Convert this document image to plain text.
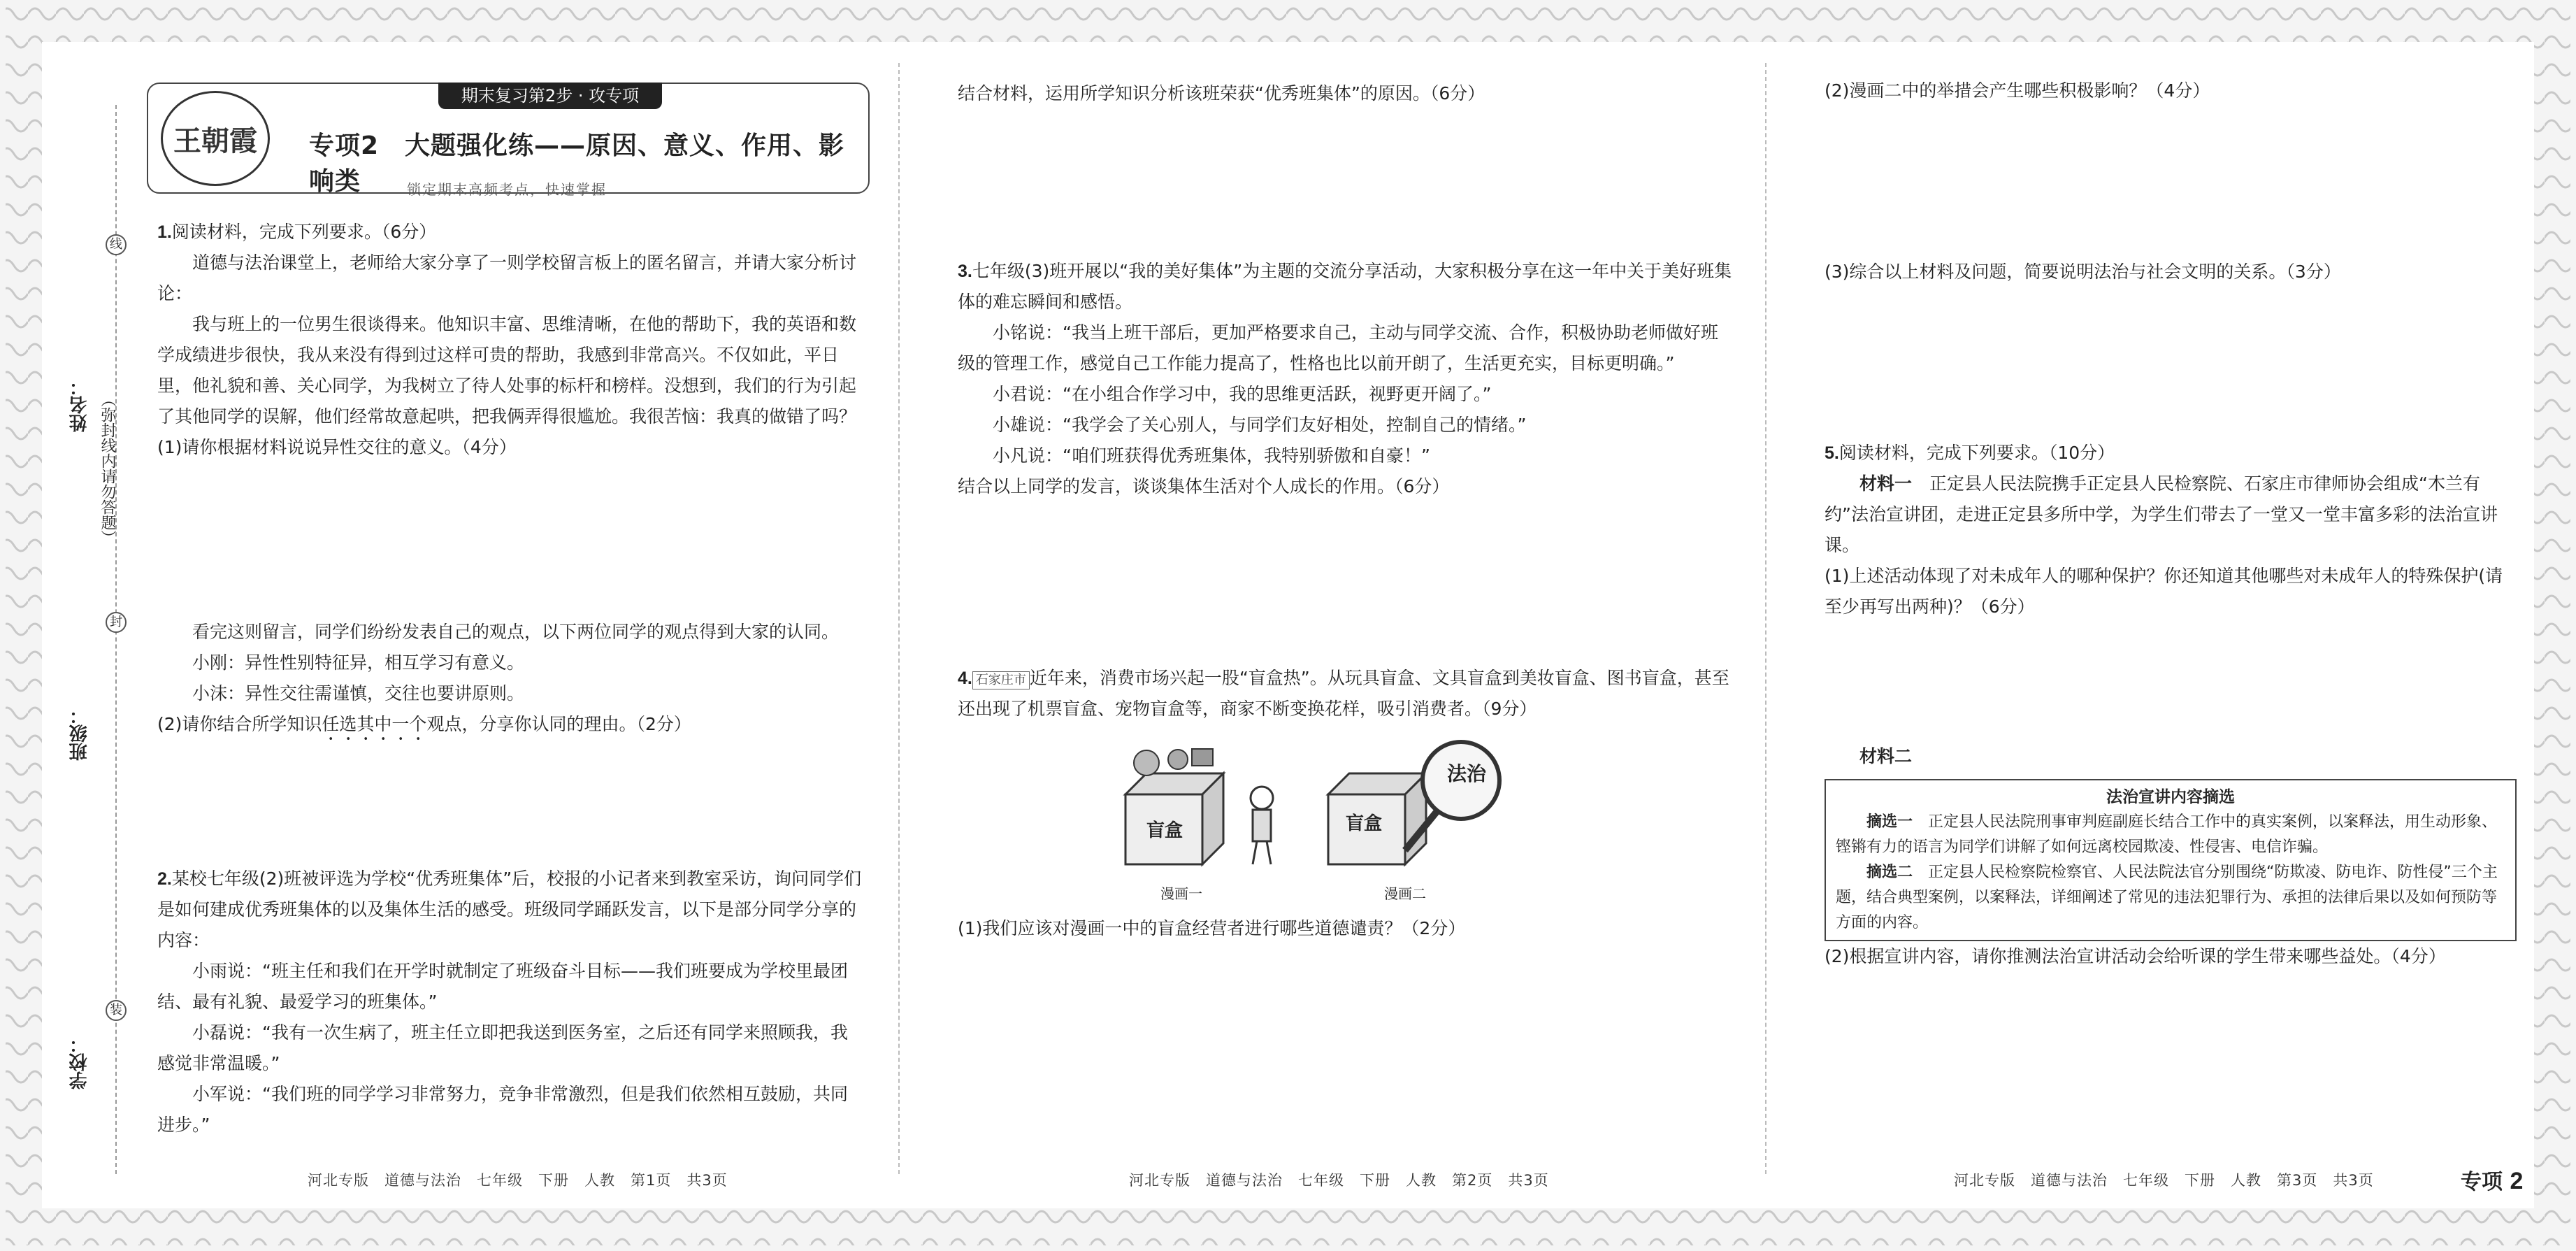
线
封
装
（弥封线内请勿答题）
姓名：
班级：
学校：
期末复习第2步 · 攻专项
王朝霞	专项2　大题强化练——原因、意义、作用、影响类	锁定期末高频考点，快速掌握

1.阅读材料，完成下列要求。（6分）

道德与法治课堂上，老师给大家分享了一则学校留言板上的匿名留言，并请大家分析讨论：

我与班上的一位男生很谈得来。他知识丰富、思维清晰，在他的帮助下，我的英语和数学成绩进步很快，我从来没有得到过这样可贵的帮助，我感到非常高兴。不仅如此，平日里，他礼貌和善、关心同学，为我树立了待人处事的标杆和榜样。没想到，我们的行为引起了其他同学的误解，他们经常故意起哄，把我俩弄得很尴尬。我很苦恼：我真的做错了吗？

(1)请你根据材料说说异性交往的意义。（4分）

看完这则留言，同学们纷纷发表自己的观点，以下两位同学的观点得到大家的认同。

小刚：异性性别特征异，相互学习有意义。

小沫：异性交往需谨慎，交往也要讲原则。

(2)请你结合所学知识任选其中一个观点，分享你认同的理由。（2分）

2.某校七年级(2)班被评选为学校“优秀班集体”后，校报的小记者来到教室采访，询问同学们是如何建成优秀班集体的以及集体生活的感受。班级同学踊跃发言，以下是部分同学分享的内容：

小雨说：“班主任和我们在开学时就制定了班级奋斗目标——我们班要成为学校里最团结、最有礼貌、最爱学习的班集体。”

小磊说：“我有一次生病了，班主任立即把我送到医务室，之后还有同学来照顾我，我感觉非常温暖。”

小军说：“我们班的同学学习非常努力，竞争非常激烈，但是我们依然相互鼓励，共同进步。”

结合材料，运用所学知识分析该班荣获“优秀班集体”的原因。（6分）

3.七年级(3)班开展以“我的美好集体”为主题的交流分享活动，大家积极分享在这一年中关于美好班集体的难忘瞬间和感悟。

小铭说：“我当上班干部后，更加严格要求自己，主动与同学交流、合作，积极协助老师做好班级的管理工作，感觉自己工作能力提高了，性格也比以前开朗了，生活更充实，目标更明确。”

小君说：“在小组合作学习中，我的思维更活跃，视野更开阔了。”

小雄说：“我学会了关心别人，与同学们友好相处，控制自己的情绪。”

小凡说：“咱们班获得优秀班集体，我特别骄傲和自豪！”

结合以上同学的发言，谈谈集体生活对个人成长的作用。（6分）

4. 石家庄市 近年来，消费市场兴起一股“盲盒热”。从玩具盲盒、文具盲盒到美妆盲盒、图书盲盒，甚至还出现了机票盲盒、宠物盲盒等，商家不断变换花样，吸引消费者。（9分）

盲盒	盲盒
法治
漫画一	漫画二

(1)我们应该对漫画一中的盲盒经营者进行哪些道德谴责？（2分）

(2)漫画二中的举措会产生哪些积极影响？（4分）

(3)综合以上材料及问题，简要说明法治与社会文明的关系。（3分）

5.阅读材料，完成下列要求。（10分）

材料一　 正定县人民法院携手正定县人民检察院、石家庄市律师协会组成“木兰有约”法治宣讲团，走进正定县多所中学，为学生们带去了一堂又一堂丰富多彩的法治宣讲课。

(1)上述活动体现了对未成年人的哪种保护？你还知道其他哪些对未成年人的特殊保护(请至少再写出两种)？（6分）

材料二

法治宣讲内容摘选
摘选一　 正定县人民法院刑事审判庭副庭长结合工作中的真实案例，以案释法，用生动形象、铿锵有力的语言为同学们讲解了如何远离校园欺凌、性侵害、电信诈骗。
摘选二　 正定县人民检察院检察官、人民法院法官分别围绕“防欺凌、防电诈、防性侵”三个主题，结合典型案例，以案释法，详细阐述了常见的违法犯罪行为、承担的法律后果以及如何预防等方面的内容。

(2)根据宣讲内容，请你推测法治宣讲活动会给听课的学生带来哪些益处。（4分）

河北专版　道德与法治　七年级　下册　人教　第1页　共3页	河北专版　道德与法治　七年级　下册　人教　第2页　共3页	河北专版　道德与法治　七年级　下册　人教　第3页　共3页	专项 2
